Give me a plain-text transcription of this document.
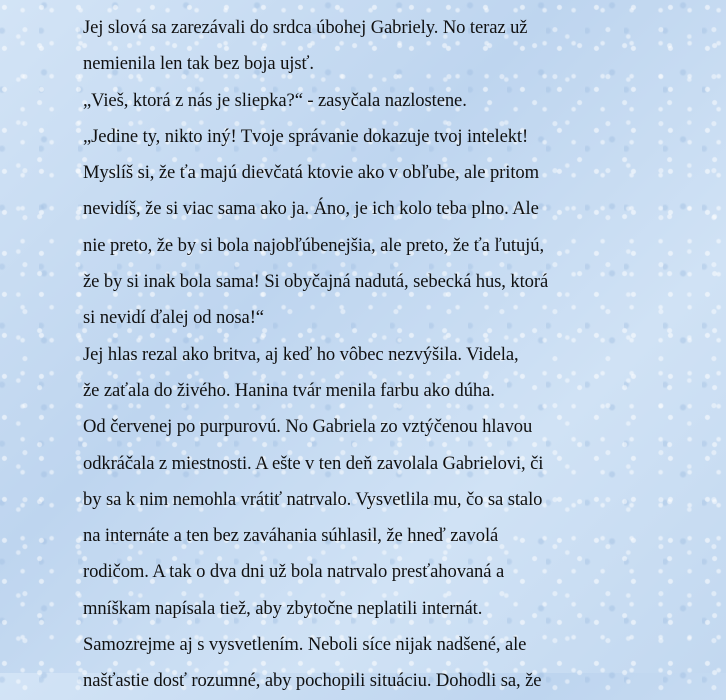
Jej slová sa zarezávali do srdca úbohej Gabriely. No teraz už
nemienila len tak bez boja ujsť.
„Vieš, ktorá z nás je sliepka?“ - zasyčala nazlostene.
„Jedine ty, nikto iný! Tvoje správanie dokazuje tvoj intelekt!
Myslíš si, že ťa majú dievčatá ktovie ako v obľube, ale pritom
nevidíš, že si viac sama ako ja. Áno, je ich kolo teba plno. Ale
nie preto, že by si bola najobľúbenejšia, ale preto, že ťa ľutujú,
že by si inak bola sama! Si obyčajná nadutá, sebecká hus, ktorá
si nevidí ďalej od nosa!“
Jej hlas rezal ako britva, aj keď ho vôbec nezvýšila. Videla,
že zaťala do živého. Hanina tvár menila farbu ako dúha.
Od červenej po purpurovú. No Gabriela zo vztýčenou hlavou
odkráčala z miestnosti. A ešte v ten deň zavolala Gabrielovi, či
by sa k nim nemohla vrátiť natrvalo. Vysvetlila mu, čo sa stalo
na internáte a ten bez zaváhania súhlasil, že hneď zavolá
rodičom. A tak o dva dni už bola natrvalo presťahovaná a
mníškam napísala tiež, aby zbytočne neplatili internát.
Samozrejme aj s vysvetlením. Neboli síce nijak nadšené, ale
našťastie dosť rozumné, aby pochopili situáciu. Dohodli sa, že
